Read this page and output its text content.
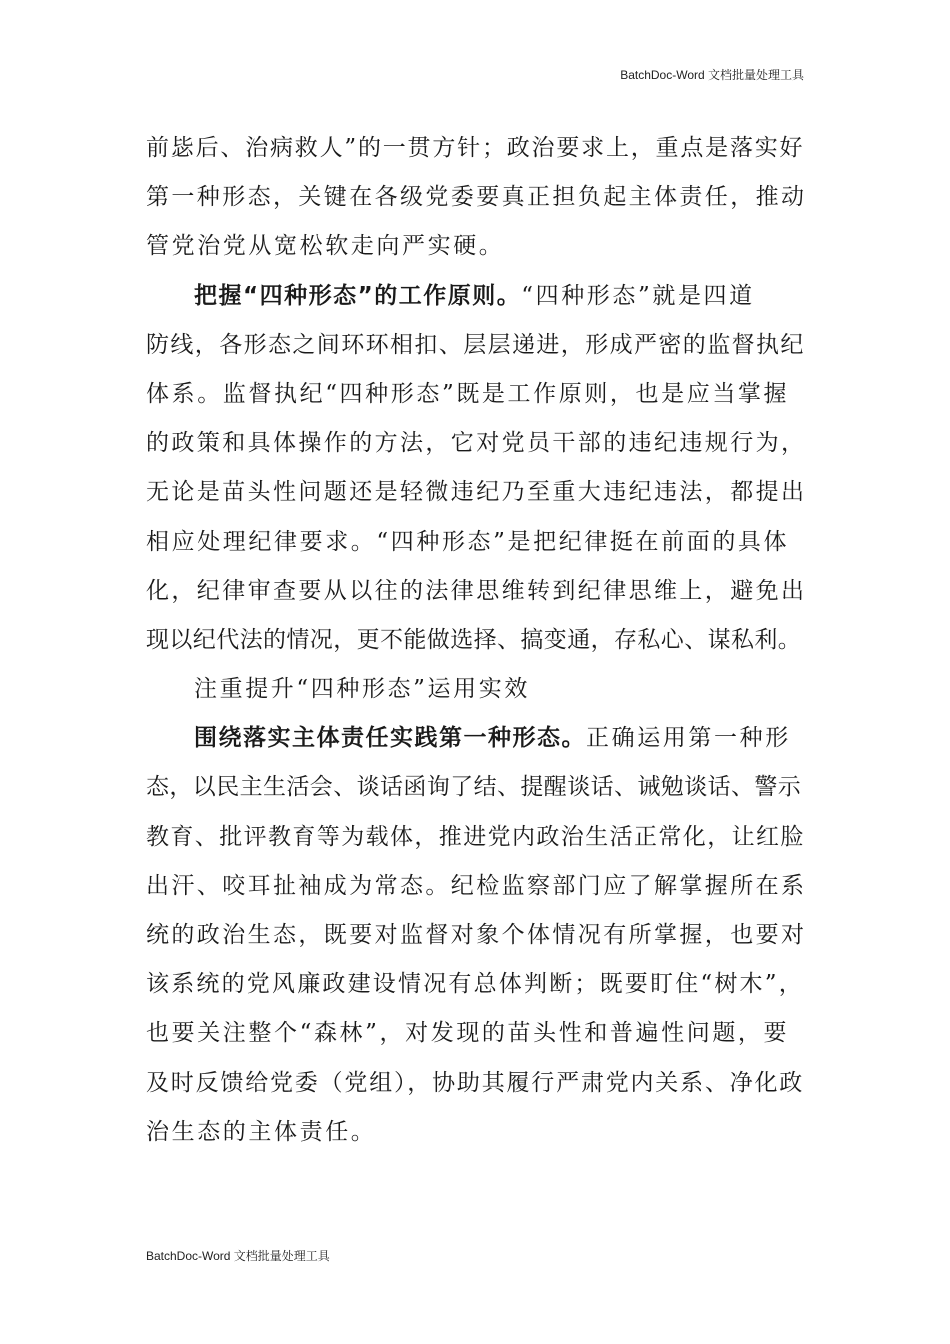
BatchDoc-Word 文档批量处理工具
前毖后、治病救人”的一贯方针；政治要求上，重点是落实好
第一种形态，关键在各级党委要真正担负起主体责任，推动
管党治党从宽松软走向严实硬。
把握“四种形态”的工作原则。“四种形态”就是四道
防线，各形态之间环环相扣、层层递进，形成严密的监督执纪
体系。监督执纪“四种形态”既是工作原则，也是应当掌握
的政策和具体操作的方法，它对党员干部的违纪违规行为，
无论是苗头性问题还是轻微违纪乃至重大违纪违法，都提出
相应处理纪律要求。“四种形态”是把纪律挺在前面的具体
化，纪律审查要从以往的法律思维转到纪律思维上，避免出
现以纪代法的情况，更不能做选择、搞变通，存私心、谋私利。
注重提升“四种形态”运用实效
围绕落实主体责任实践第一种形态。正确运用第一种形
态，以民主生活会、谈话函询了结、提醒谈话、诫勉谈话、警示
教育、批评教育等为载体，推进党内政治生活正常化，让红脸
出汗、咬耳扯袖成为常态。纪检监察部门应了解掌握所在系
统的政治生态，既要对监督对象个体情况有所掌握，也要对
该系统的党风廉政建设情况有总体判断；既要盯住“树木”，
也要关注整个“森林”，对发现的苗头性和普遍性问题，要
及时反馈给党委（党组），协助其履行严肃党内关系、净化政
治生态的主体责任。
BatchDoc-Word 文档批量处理工具
